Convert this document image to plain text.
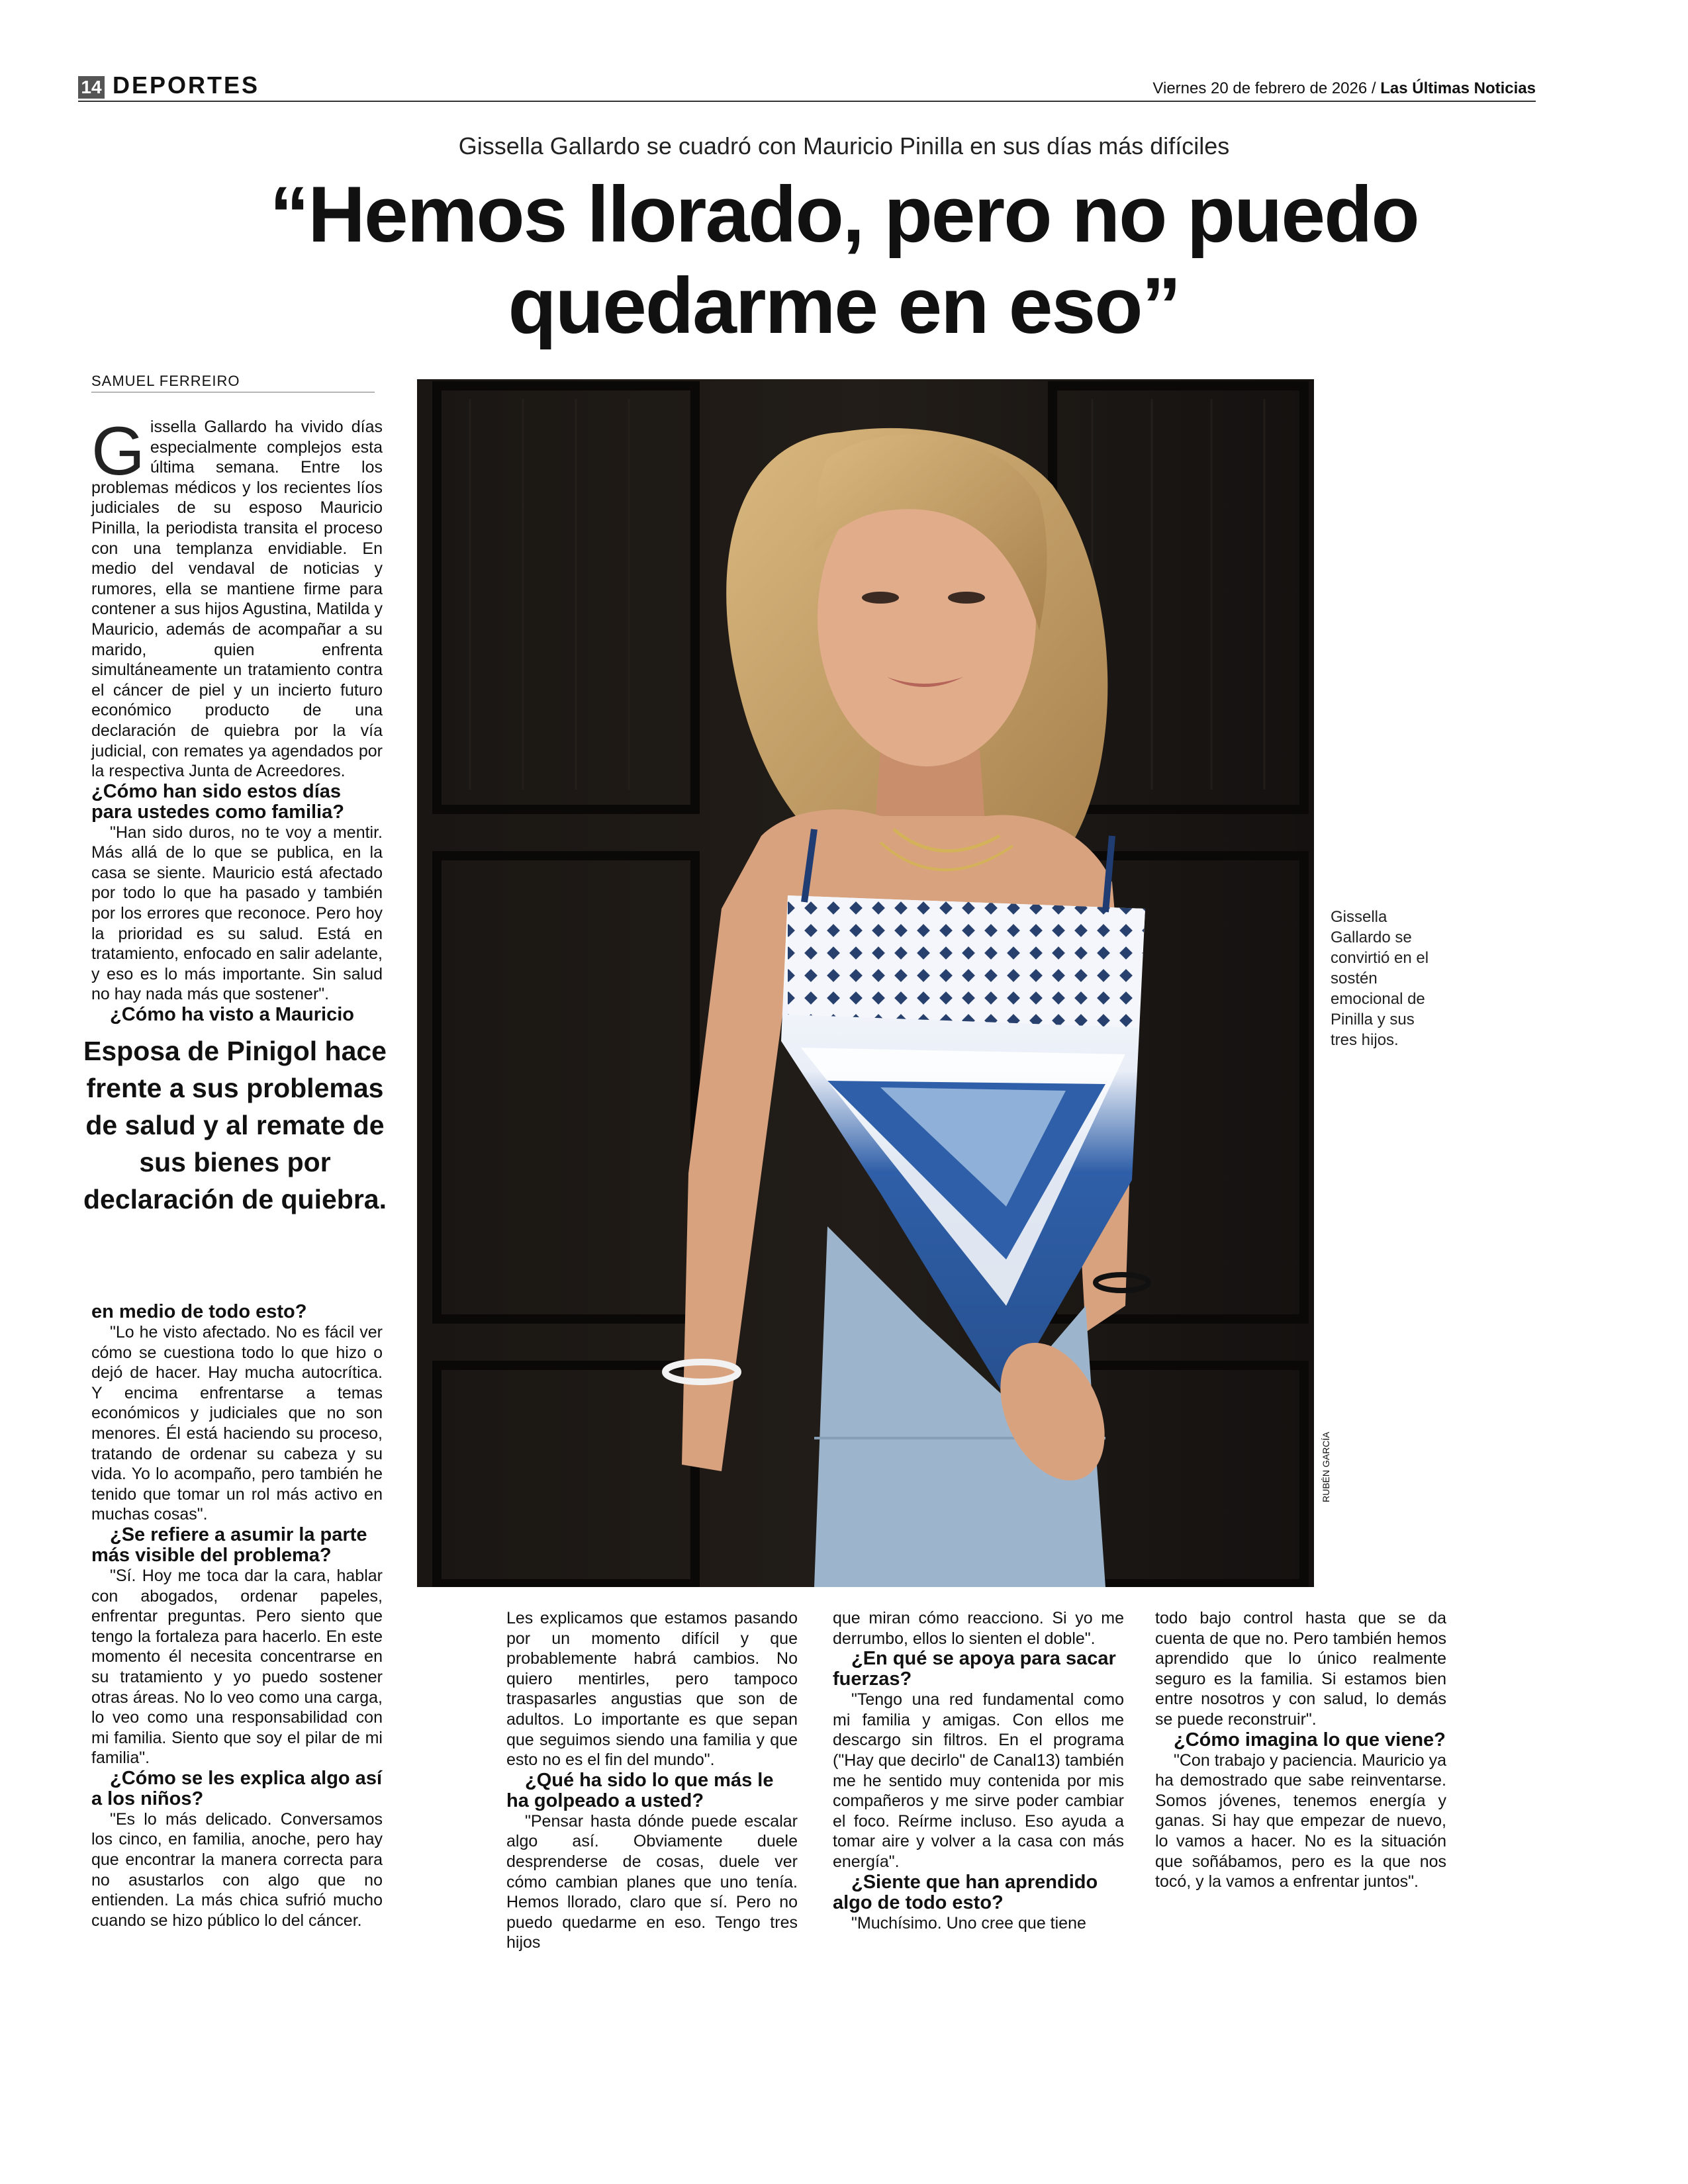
14 DEPORTES	Viernes 20 de febrero de 2026 / Las Últimas Noticias
Gissella Gallardo se cuadró con Mauricio Pinilla en sus días más difíciles
“Hemos llorado, pero no puedo
quedarme en eso”
SAMUEL FERREIRO

Gissella Gallardo ha vivido días especialmente complejos esta última semana. Entre los problemas médicos y los recientes líos judiciales de su esposo Mauricio Pinilla, la periodista transita el proceso con una templanza envidiable. En medio del vendaval de noticias y rumores, ella se mantiene firme para contener a sus hijos Agustina, Matilda y Mauricio, además de acompañar a su marido, quien enfrenta simultáneamente un tratamiento contra el cáncer de piel y un incierto futuro económico producto de una declaración de quiebra por la vía judicial, con remates ya agendados por la respectiva Junta de Acreedores.

¿Cómo han sido estos días para ustedes como familia?

"Han sido duros, no te voy a mentir. Más allá de lo que se publica, en la casa se siente. Mauricio está afectado por todo lo que ha pasado y también por los errores que reconoce. Pero hoy la prioridad es su salud. Está en tratamiento, enfocado en salir adelante, y eso es lo más importante. Sin salud no hay nada más que sostener".

¿Cómo ha visto a Mauricio
Esposa de Pinigol hace frente a sus problemas de salud y al remate de sus bienes por declaración de quiebra.
en medio de todo esto?

"Lo he visto afectado. No es fácil ver cómo se cuestiona todo lo que hizo o dejó de hacer. Hay mucha autocrítica. Y encima enfrentarse a temas económicos y judiciales que no son menores. Él está haciendo su proceso, tratando de ordenar su cabeza y su vida. Yo lo acompaño, pero también he tenido que tomar un rol más activo en muchas cosas".

¿Se refiere a asumir la parte más visible del problema?

"Sí. Hoy me toca dar la cara, hablar con abogados, ordenar papeles, enfrentar preguntas. Pero siento que tengo la fortaleza para hacerlo. En este momento él necesita concentrarse en su tratamiento y yo puedo sostener otras áreas. No lo veo como una carga, lo veo como una responsabilidad con mi familia. Siento que soy el pilar de mi familia".

¿Cómo se les explica algo así a los niños?

"Es lo más delicado. Conversamos los cinco, en familia, anoche, pero hay que encontrar la manera correcta para no asustarlos con algo que no entienden. La más chica sufrió mucho cuando se hizo público lo del cáncer.

RUBÉN GARCÍA
Gissella Gallardo se convirtió en el sostén emocional de Pinilla y sus tres hijos.

Les explicamos que estamos pasando por un momento difícil y que probablemente habrá cambios. No quiero mentirles, pero tampoco traspasarles angustias que son de adultos. Lo importante es que sepan que seguimos siendo una familia y que esto no es el fin del mundo".

¿Qué ha sido lo que más le ha golpeado a usted?

"Pensar hasta dónde puede escalar algo así. Obviamente duele desprenderse de cosas, duele ver cómo cambian planes que uno tenía. Hemos llorado, claro que sí. Pero no puedo quedarme en eso. Tengo tres hijos

que miran cómo reacciono. Si yo me derrumbo, ellos lo sienten el doble".

¿En qué se apoya para sacar fuerzas?

"Tengo una red fundamental como mi familia y amigas. Con ellos me descargo sin filtros. En el programa ("Hay que decirlo" de Canal13) también me he sentido muy contenida por mis compañeros y me sirve poder cambiar el foco. Reírme incluso. Eso ayuda a tomar aire y volver a la casa con más energía".

¿Siente que han aprendido algo de todo esto?

"Muchísimo. Uno cree que tiene

todo bajo control hasta que se da cuenta de que no. Pero también hemos aprendido que lo único realmente seguro es la familia. Si estamos bien entre nosotros y con salud, lo demás se puede reconstruir".

¿Cómo imagina lo que viene?

"Con trabajo y paciencia. Mauricio ya ha demostrado que sabe reinventarse. Somos jóvenes, tenemos energía y ganas. Si hay que empezar de nuevo, lo vamos a hacer. No es la situación que soñábamos, pero es la que nos tocó, y la vamos a enfrentar juntos".
